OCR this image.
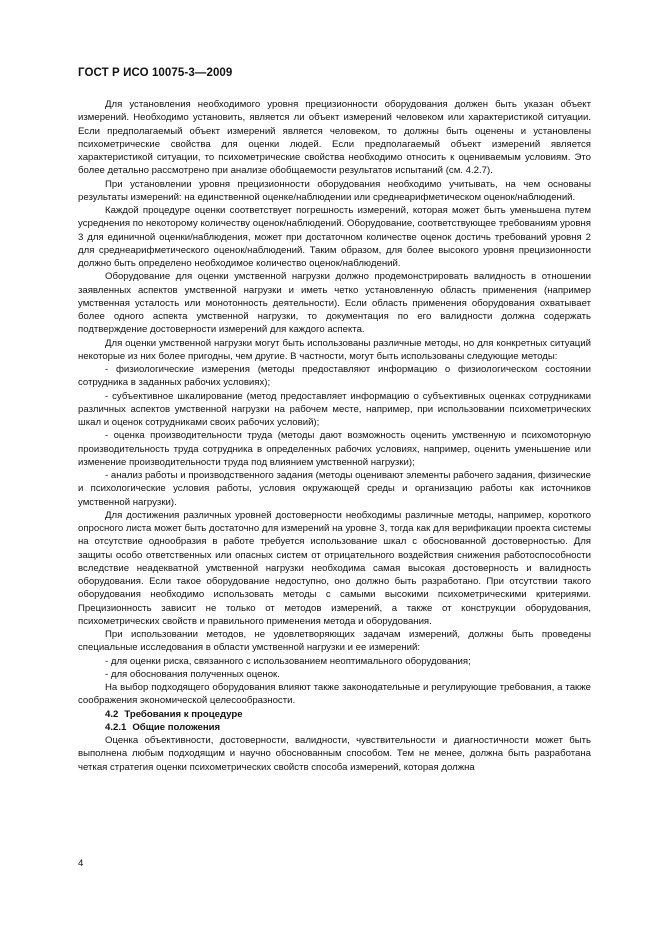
ГОСТ Р ИСО 10075-3—2009

Для установления необходимого уровня прецизионности оборудования должен быть указан объект измерений. Необходимо установить, является ли объект измерений человеком или характеристикой ситуации. Если предполагаемый объект измерений является человеком, то должны быть оценены и установлены психометрические свойства для оценки людей. Если предполагаемый объект измерений является характеристикой ситуации, то психометрические свойства необходимо относить к оцениваемым условиям. Это более детально рассмотрено при анализе обобщаемости результатов испытаний (см. 4.2.7).

При установлении уровня прецизионности оборудования необходимо учитывать, на чем основаны результаты измерений: на единственной оценке/наблюдении или среднеарифметическом оценок/наблюдений.

Каждой процедуре оценки соответствует погрешность измерений, которая может быть уменьшена путем усреднения по некоторому количеству оценок/наблюдений. Оборудование, соответствующее требованиям уровня 3 для единичной оценки/наблюдения, может при достаточном количестве оценок достичь требований уровня 2 для среднеарифметического оценок/наблюдений. Таким образом, для более высокого уровня прецизионности должно быть определено необходимое количество оценок/наблюдений.

Оборудование для оценки умственной нагрузки должно продемонстрировать валидность в отношении заявленных аспектов умственной нагрузки и иметь четко установленную область применения (например умственная усталость или монотонность деятельности). Если область применения оборудования охватывает более одного аспекта умственной нагрузки, то документация по его валидности должна содержать подтверждение достоверности измерений для каждого аспекта.

Для оценки умственной нагрузки могут быть использованы различные методы, но для конкретных ситуаций некоторые из них более пригодны, чем другие. В частности, могут быть использованы следующие методы:

- физиологические измерения (методы предоставляют информацию о физиологическом состоянии сотрудника в заданных рабочих условиях);

- субъективное шкалирование (метод предоставляет информацию о субъективных оценках сотрудниками различных аспектов умственной нагрузки на рабочем месте, например, при использовании психометрических шкал и оценок сотрудниками своих рабочих условий);

- оценка производительности труда (методы дают возможность оценить умственную и психомоторную производительность труда сотрудника в определенных рабочих условиях, например, оценить уменьшение или изменение производительности труда под влиянием умственной нагрузки);

- анализ работы и производственного задания (методы оценивают элементы рабочего задания, физические и психологические условия работы, условия окружающей среды и организацию работы как источников умственной нагрузки).

Для достижения различных уровней достоверности необходимы различные методы, например, короткого опросного листа может быть достаточно для измерений на уровне 3, тогда как для верификации проекта системы на отсутствие однообразия в работе требуется использование шкал с обоснованной достоверностью. Для защиты особо ответственных или опасных систем от отрицательного воздействия снижения работоспособности вследствие неадекватной умственной нагрузки необходима самая высокая достоверность и валидность оборудования. Если такое оборудование недоступно, оно должно быть разработано. При отсутствии такого оборудования необходимо использовать методы с самыми высокими психометрическими критериями. Прецизионность зависит не только от методов измерений, а также от конструкции оборудования, психометрических свойств и правильного применения метода и оборудования.

При использовании методов, не удовлетворяющих задачам измерений, должны быть проведены специальные исследования в области умственной нагрузки и ее измерений:

- для оценки риска, связанного с использованием неоптимального оборудования;

- для обоснования полученных оценок.

На выбор подходящего оборудования влияют также законодательные и регулирующие требования, а также соображения экономической целесообразности.

4.2 Требования к процедуре

4.2.1 Общие положения

Оценка объективности, достоверности, валидности, чувствительности и диагностичности может быть выполнена любым подходящим и научно обоснованным способом. Тем не менее, должна быть разработана четкая стратегия оценки психометрических свойств способа измерений, которая должна

4
